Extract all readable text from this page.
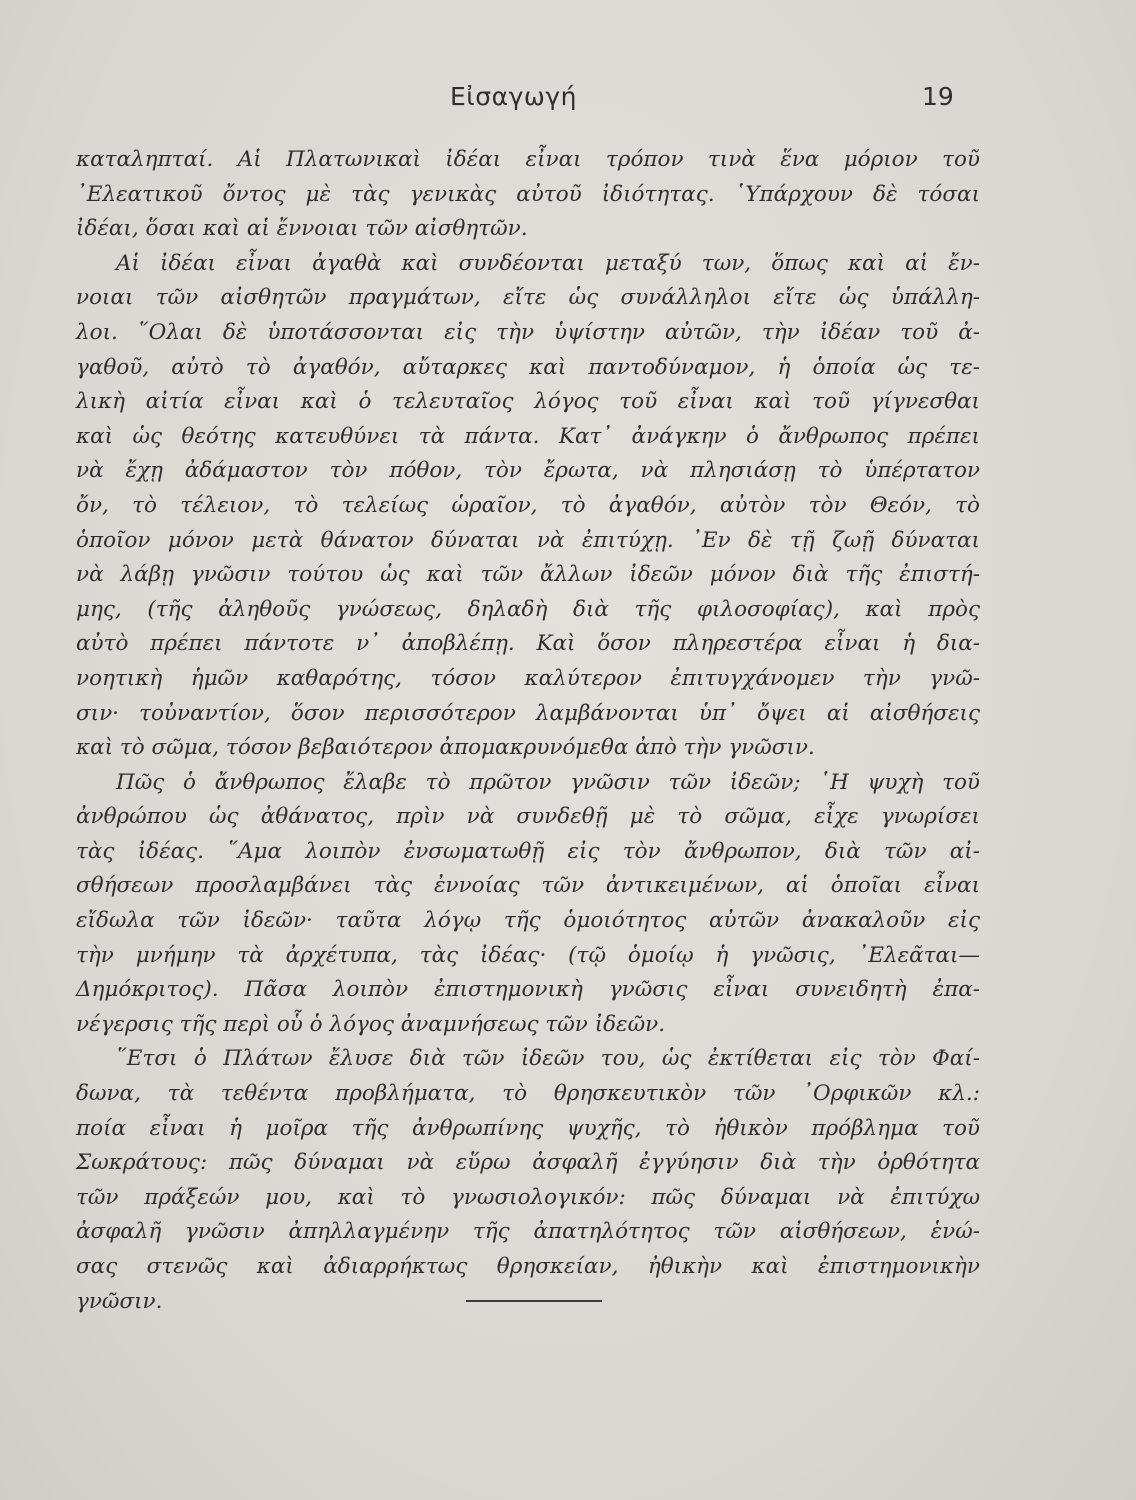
Εἰσαγωγή	19
καταληπταί. Αἱ Πλατωνικαὶ ἰδέαι εἶναι τρόπον τινὰ ἕνα μόριον τοῦ
᾿Ελεατικοῦ ὄντος μὲ τὰς γενικὰς αὐτοῦ ἰδιότητας. ῾Υπάρχουν δὲ τόσαι
ἰδέαι, ὅσαι καὶ αἱ ἔννοιαι τῶν αἰσθητῶν.
Αἱ ἰδέαι εἶναι ἀγαθὰ καὶ συνδέονται μεταξύ των, ὅπως καὶ αἱ ἔν-
νοιαι τῶν αἰσθητῶν πραγμάτων, εἴτε ὡς συνάλληλοι εἴτε ὡς ὑπάλλη-
λοι. ῞Ολαι δὲ ὑποτάσσονται εἰς τὴν ὑψίστην αὐτῶν, τὴν ἰδέαν τοῦ ἀ-
γαθοῦ, αὐτὸ τὸ ἀγαθόν, αὔταρκες καὶ παντοδύναμον, ἡ ὁποία ὡς τε-
λικὴ αἰτία εἶναι καὶ ὁ τελευταῖος λόγος τοῦ εἶναι καὶ τοῦ γίγνεσθαι
καὶ ὡς θεότης κατευθύνει τὰ πάντα. Κατ᾿ ἀνάγκην ὁ ἄνθρωπος πρέπει
νὰ ἔχῃ ἀδάμαστον τὸν πόθον, τὸν ἔρωτα, νὰ πλησιάσῃ τὸ ὑπέρτατον
ὄν, τὸ τέλειον, τὸ τελείως ὡραῖον, τὸ ἀγαθόν, αὐτὸν τὸν Θεόν, τὸ
ὁποῖον μόνον μετὰ θάνατον δύναται νὰ ἐπιτύχῃ. ᾿Εν δὲ τῇ ζωῇ δύναται
νὰ λάβῃ γνῶσιν τούτου ὡς καὶ τῶν ἄλλων ἰδεῶν μόνον διὰ τῆς ἐπιστή-
μης, (τῆς ἀληθοῦς γνώσεως, δηλαδὴ διὰ τῆς φιλοσοφίας), καὶ πρὸς
αὐτὸ πρέπει πάντοτε ν᾿ ἀποβλέπῃ. Καὶ ὅσον πληρεστέρα εἶναι ἡ δια-
νοητικὴ ἡμῶν καθαρότης, τόσον καλύτερον ἐπιτυγχάνομεν τὴν γνῶ-
σιν· τοὐναντίον, ὅσον περισσότερον λαμβάνονται ὑπ᾿ ὄψει αἱ αἰσθήσεις
καὶ τὸ σῶμα, τόσον βεβαιότερον ἀπομακρυνόμεθα ἀπὸ τὴν γνῶσιν.
Πῶς ὁ ἄνθρωπος ἔλαβε τὸ πρῶτον γνῶσιν τῶν ἰδεῶν; ῾Η ψυχὴ τοῦ
ἀνθρώπου ὡς ἀθάνατος, πρὶν νὰ συνδεθῇ μὲ τὸ σῶμα, εἶχε γνωρίσει
τὰς ἰδέας. ῞Αμα λοιπὸν ἐνσωματωθῇ εἰς τὸν ἄνθρωπον, διὰ τῶν αἰ-
σθήσεων προσλαμβάνει τὰς ἐννοίας τῶν ἀντικειμένων, αἱ ὁποῖαι εἶναι
εἴδωλα τῶν ἰδεῶν· ταῦτα λόγῳ τῆς ὁμοιότητος αὐτῶν ἀνακαλοῦν εἰς
τὴν μνήμην τὰ ἀρχέτυπα, τὰς ἰδέας· (τῷ ὁμοίῳ ἡ γνῶσις, ᾿Ελεᾶται—
Δημόκριτος). Πᾶσα λοιπὸν ἐπιστημονικὴ γνῶσις εἶναι συνειδητὴ ἐπα-
νέγερσις τῆς περὶ οὗ ὁ λόγος ἀναμνήσεως τῶν ἰδεῶν.
῞Ετσι ὁ Πλάτων ἔλυσε διὰ τῶν ἰδεῶν του, ὡς ἐκτίθεται εἰς τὸν Φαί-
δωνα, τὰ τεθέντα προβλήματα, τὸ θρησκευτικὸν τῶν ᾿Ορφικῶν κλ.:
ποία εἶναι ἡ μοῖρα τῆς ἀνθρωπίνης ψυχῆς, τὸ ἠθικὸν πρόβλημα τοῦ
Σωκράτους: πῶς δύναμαι νὰ εὕρω ἀσφαλῆ ἐγγύησιν διὰ τὴν ὀρθότητα
τῶν πράξεών μου, καὶ τὸ γνωσιολογικόν: πῶς δύναμαι νὰ ἐπιτύχω
ἀσφαλῆ γνῶσιν ἀπηλλαγμένην τῆς ἀπατηλότητος τῶν αἰσθήσεων, ἑνώ-
σας στενῶς καὶ ἀδιαρρήκτως θρησκείαν, ἠθικὴν καὶ ἐπιστημονικὴν
γνῶσιν.
